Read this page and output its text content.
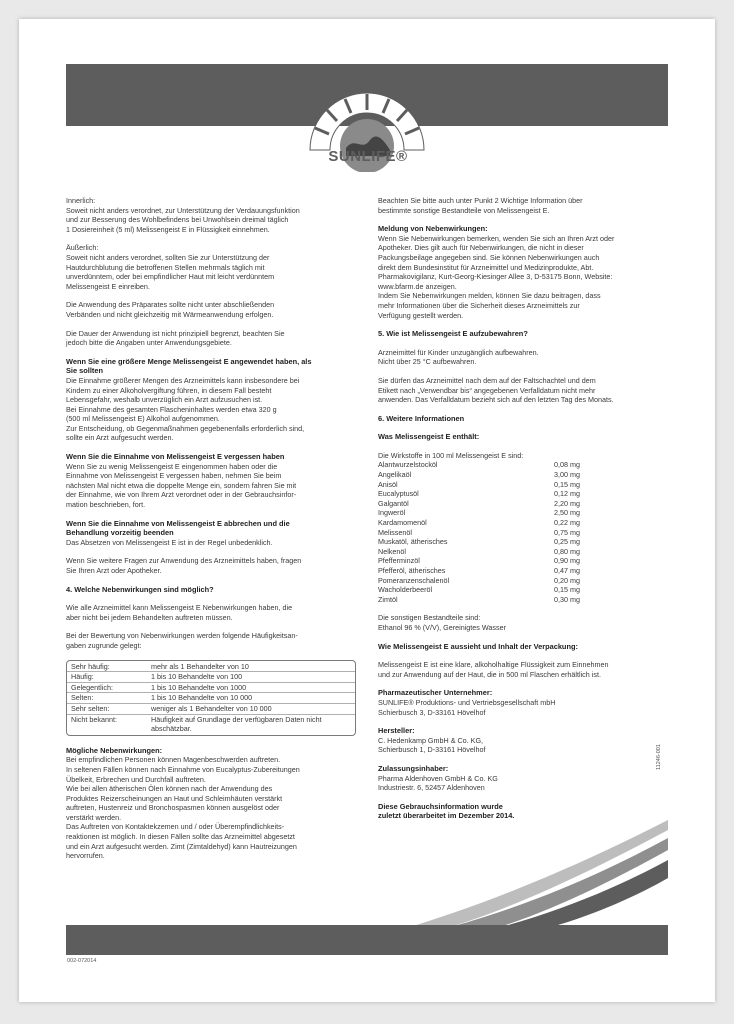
SUNLIFE®

Innerlich:
Soweit nicht anders verordnet, zur Unterstützung der Verdauungsfunktion
und zur Besserung des Wohlbefindens bei Unwohlsein dreimal täglich
1 Dosiereinheit (5 ml) Melissengeist E in Flüssigkeit einnehmen.

Äußerlich:
Soweit nicht anders verordnet, sollten Sie zur Unterstützung der
Hautdurchblutung die betroffenen Stellen mehrmals täglich mit
unverdünntem, oder bei empfindlicher Haut mit leicht verdünntem
Melissengeist E einreiben.

Die Anwendung des Präparates sollte nicht unter abschließenden
Verbänden und nicht gleichzeitig mit Wärmeanwendung erfolgen.

Die Dauer der Anwendung ist nicht prinzipiell begrenzt, beachten Sie
jedoch bitte die Angaben unter Anwendungsgebiete.

Wenn Sie eine größere Menge Melissengeist E angewendet haben, als
Sie sollten

Die Einnahme größerer Mengen des Arzneimittels kann insbesondere bei
Kindern zu einer Alkoholvergiftung führen, in diesem Fall besteht
Lebensgefahr, weshalb unverzüglich ein Arzt aufzusuchen ist.
Bei Einnahme des gesamten Flascheninhaltes werden etwa 320 g
(500 ml Melissengeist E) Alkohol aufgenommen.
Zur Entscheidung, ob Gegenmaßnahmen gegebenenfalls erforderlich sind,
sollte ein Arzt aufgesucht werden.

Wenn Sie die Einnahme von Melissengeist E vergessen haben

Wenn Sie zu wenig Melissengeist E eingenommen haben oder die
Einnahme von Melissengeist E vergessen haben, nehmen Sie beim
nächsten Mal nicht etwa die doppelte Menge ein, sondern fahren Sie mit
der Einnahme, wie von Ihrem Arzt verordnet oder in der Gebrauchsinfor-
mation beschrieben, fort.

Wenn Sie die Einnahme von Melissengeist E abbrechen und die
Behandlung vorzeitig beenden

Das Absetzen von Melissengeist E ist in der Regel unbedenklich.

Wenn Sie weitere Fragen zur Anwendung des Arzneimittels haben, fragen
Sie Ihren Arzt oder Apotheker.

4. Welche Nebenwirkungen sind möglich?

Wie alle Arzneimittel kann Melissengeist E Nebenwirkungen haben, die
aber nicht bei jedem Behandelten auftreten müssen.

Bei der Bewertung von Nebenwirkungen werden folgende Häufigkeitsan-
gaben zugrunde gelegt:

Sehr häufig:	mehr als 1 Behandelter von 10
Häufig:	1 bis 10 Behandelte von 100
Gelegentlich:	1 bis 10 Behandelte von 1000
Selten:	1 bis 10 Behandelte von 10 000
Sehr selten:	weniger als 1 Behandelter von 10 000
Nicht bekannt:	Häufigkeit auf Grundlage der verfügbaren Daten nicht abschätzbar.
Mögliche Nebenwirkungen:

Bei empfindlichen Personen können Magenbeschwerden auftreten.
In seltenen Fällen können nach Einnahme von Eucalyptus-Zubereitungen
Übelkeit, Erbrechen und Durchfall auftreten.
Wie bei allen ätherischen Ölen können nach der Anwendung des
Produktes Reizerscheinungen an Haut und Schleimhäuten verstärkt
auftreten, Hustenreiz und Bronchospasmen können ausgelöst oder
verstärkt werden.
Das Auftreten von Kontaktekzemen und / oder Überempfindlichkeits-
reaktionen ist möglich. In diesen Fällen sollte das Arzneimittel abgesetzt
und ein Arzt aufgesucht werden. Zimt (Zimtaldehyd) kann Hautreizungen
hervorrufen.

Beachten Sie bitte auch unter Punkt 2 Wichtige Information über
bestimmte sonstige Bestandteile von Melissengeist E.

Meldung von Nebenwirkungen:

Wenn Sie Nebenwirkungen bemerken, wenden Sie sich an Ihren Arzt oder
Apotheker. Dies gilt auch für Nebenwirkungen, die nicht in dieser
Packungsbeilage angegeben sind. Sie können Nebenwirkungen auch
direkt dem Bundesinstitut für Arzneimittel und Medizinprodukte, Abt.
Pharmakovigilanz, Kurt-Georg-Kiesinger Allee 3, D-53175 Bonn, Website:
www.bfarm.de anzeigen.
Indem Sie Nebenwirkungen melden, können Sie dazu beitragen, dass
mehr Informationen über die Sicherheit dieses Arzneimittels zur
Verfügung gestellt werden.

5. Wie ist Melissengeist E aufzubewahren?

Arzneimittel für Kinder unzugänglich aufbewahren.
Nicht über 25 °C aufbewahren.

Sie dürfen das Arzneimittel nach dem auf der Faltschachtel und dem
Etikett nach „Verwendbar bis“ angegebenen Verfalldatum nicht mehr
anwenden. Das Verfalldatum bezieht sich auf den letzten Tag des Monats.

6. Weitere Informationen
Was Melissengeist E enthält:
Die Wirkstoffe in 100 ml Melissengeist E sind:
Alantwurzelstocköl	0,08 mg
Angelikaöl	3,00 mg
Anisöl	0,15 mg
Eucalyptusöl	0,12 mg
Galgantöl	2,20 mg
Ingweröl	2,50 mg
Kardamomenöl	0,22 mg
Melissenöl	0,75 mg
Muskatöl, ätherisches	0,25 mg
Nelkenöl	0,80 mg
Pfefferminzöl	0,90 mg
Pfefferöl, ätherisches	0,47 mg
Pomeranzenschalenöl	0,20 mg
Wacholderbeeröl	0,15 mg
Zimtöl	0,30 mg

Die sonstigen Bestandteile sind:
Ethanol 96 % (V/V), Gereinigtes Wasser

Wie Melissengeist E aussieht und Inhalt der Verpackung:

Melissengeist E ist eine klare, alkoholhaltige Flüssigkeit zum Einnehmen
und zur Anwendung auf der Haut, die in 500 ml Flaschen erhältlich ist.

Pharmazeutischer Unternehmer:

SUNLIFE® Produktions- und Vertriebsgesellschaft mbH
Schierbusch 3, D-33161 Hövelhof

Hersteller:

C. Hedenkamp GmbH & Co. KG,
Schierbusch 1, D-33161 Hövelhof

Zulassungsinhaber:

Pharma Aldenhoven GmbH & Co. KG
Industriestr. 6, 52457 Aldenhoven

Diese Gebrauchsinformation wurde
zuletzt überarbeitet im Dezember 2014.
002-072014
11246-001
